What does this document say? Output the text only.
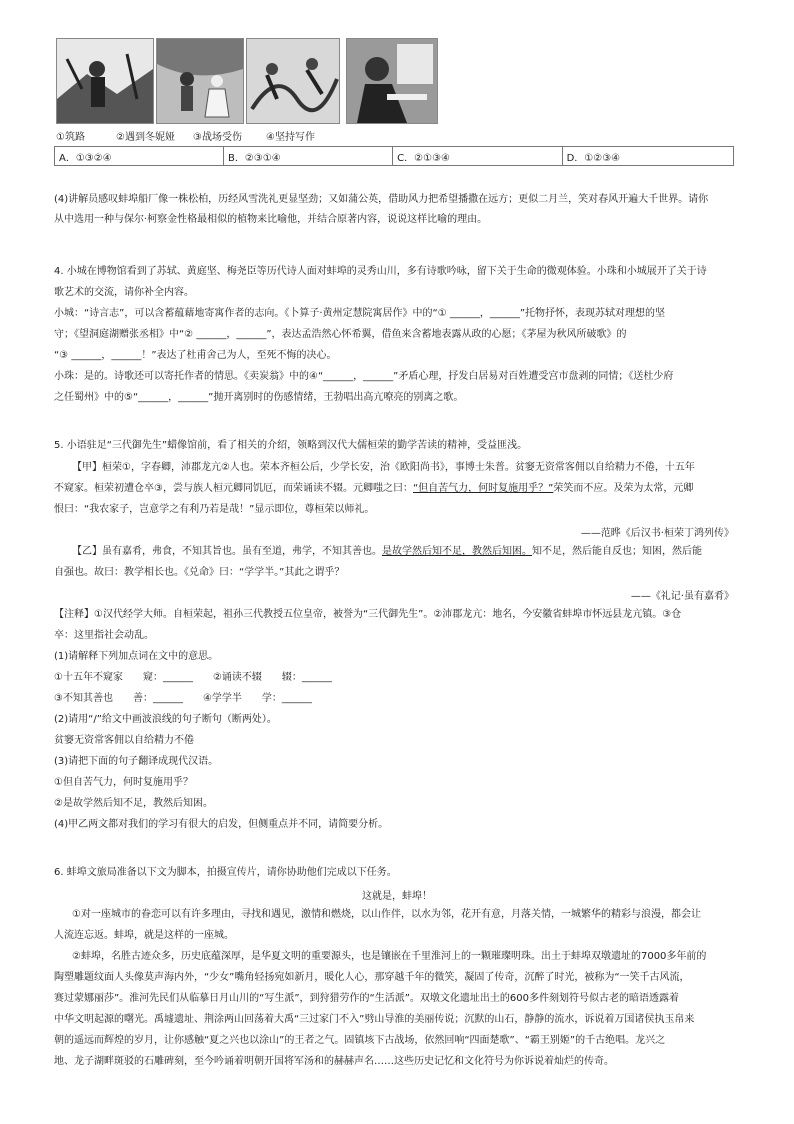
①筑路	②遇到冬妮娅 ③战场受伤 ④坚持写作
A．①③②④	B．②③①④	C．②①③④	D．①②③④
(4)讲解员感叹蚌埠船厂像一株松柏，历经风雪洗礼更显坚劲；又如蒲公英，借助风力把希望播撒在远方；更似二月兰，笑对春风开遍大千世界。请你
从中选用一种与保尔·柯察金性格最相似的植物来比喻他，并结合原著内容，说说这样比喻的理由。
4. 小城在博物馆看到了苏轼、黄庭坚、梅尧臣等历代诗人面对蚌埠的灵秀山川，多有诗歌吟咏，留下关于生命的微观体验。小珠和小城展开了关于诗
歌艺术的交流，请你补全内容。
小城：“诗言志”，可以含蓄蕴藉地寄寓作者的志向。《卜算子·黄州定慧院寓居作》中的“① ______，______”托物抒怀，表现苏轼对理想的坚
守；《望洞庭湖赠张丞相》中“② ______，______”，表达孟浩然心怀希翼，借鱼来含蓄地表露从政的心愿；《茅屋为秋风所破歌》的
“③ ______，______！”表达了杜甫舍己为人，至死不悔的决心。
小珠：是的。诗歌还可以寄托作者的情思。《卖炭翁》中的④“______，______”矛盾心理，抒发白居易对百姓遭受宫市盘剥的同情；《送杜少府
之任蜀州》中的⑤“______，______”抛开离别时的伤感情绪，王勃唱出高亢嘹亮的别离之歌。
5. 小语驻足“三代御先生”蜡像馆前，看了相关的介绍，领略到汉代大儒桓荣的勤学苦读的精神，受益匪浅。
【甲】桓荣①，字春卿，沛郡龙亢②人也。荣本齐桓公后，少学长安，治《欧阳尚书》，事博士朱普。贫窭无资常客佣以自给精力不倦，十五年
不窥家。桓荣初遭仓卒③，尝与族人桓元卿同饥厄，而荣诵读不辍。元卿嗤之曰：“但自苦气力，何时复施用乎？”荣笑而不应。及荣为太常，元卿
恨曰：“我农家子，岂意学之有利乃若是哉！”显示即位，尊桓荣以师礼。
——范晔《后汉书·桓荣丁鸿列传》
【乙】虽有嘉肴，弗食，不知其旨也。虽有至道，弗学，不知其善也。是故学然后知不足，教然后知困。知不足，然后能自反也；知困，然后能
自强也。故曰：教学相长也。《兑命》曰：“学学半。”其此之谓乎？
——《礼记·虽有嘉肴》
【注释】①汉代经学大师。自桓荣起，祖孙三代教授五位皇帝，被誉为“三代御先生”。②沛郡龙亢：地名，今安徽省蚌埠市怀远县龙亢镇。③仓
卒：这里指社会动乱。
(1)请解释下列加点词在文中的意思。
①十五年不窥家　　窥：______　　②诵读不辍　　辍：______
③不知其善也　　善：______　　④学学半　　学：______
(2)请用“/”给文中画波浪线的句子断句（断两处）。
贫窭无资常客佣以自给精力不倦
(3)请把下面的句子翻译成现代汉语。
①但自苦气力，何时复施用乎？
②是故学然后知不足，教然后知困。
(4)甲乙两文都对我们的学习有很大的启发，但侧重点并不同，请简要分析。
6. 蚌埠文旅局准备以下文为脚本，拍摄宣传片，请你协助他们完成以下任务。
这就是，蚌埠！
①对一座城市的眷恋可以有许多理由，寻找和遇见，激情和燃烧，以山作伴，以水为邻，花开有意，月落关情，一城繁华的精彩与浪漫，都会让
人流连忘返。蚌埠，就是这样的一座城。
②蚌埠，名胜古迹众多，历史底蕴深厚，是华夏文明的重要源头，也是镶嵌在千里淮河上的一颗璀璨明珠。出土于蚌埠双墩遗址的7000多年前的
陶塑雕题纹面人头像莫声海内外，“少女”嘴角轻扬宛如新月，暖化人心，那穿越千年的微笑，凝固了传奇，沉醉了时光，被称为“一笑千古风流，
赛过蒙娜丽莎”。淮河先民们从临摹日月山川的“写生派”，到狩猎劳作的“生活派”。双墩文化遗址出土的600多件刻划符号似古老的暗语透露着
中华文明起源的曙光。禹墟遗址、荆涂两山回荡着大禹“三过家门不入”劈山导淮的美丽传说；沉默的山石，静静的流水，诉说着万国诸侯执玉帛来
朝的遥远而辉煌的岁月，让你感触“夏之兴也以涂山”的王者之气。固镇垓下古战场，依然回响“四面楚歌”、“霸王别姬”的千古绝唱。龙兴之
地、龙子湖畔斑驳的石雕碑刻，至今吟诵着明朝开国将军汤和的赫赫声名……这些历史记忆和文化符号为你诉说着灿烂的传奇。
